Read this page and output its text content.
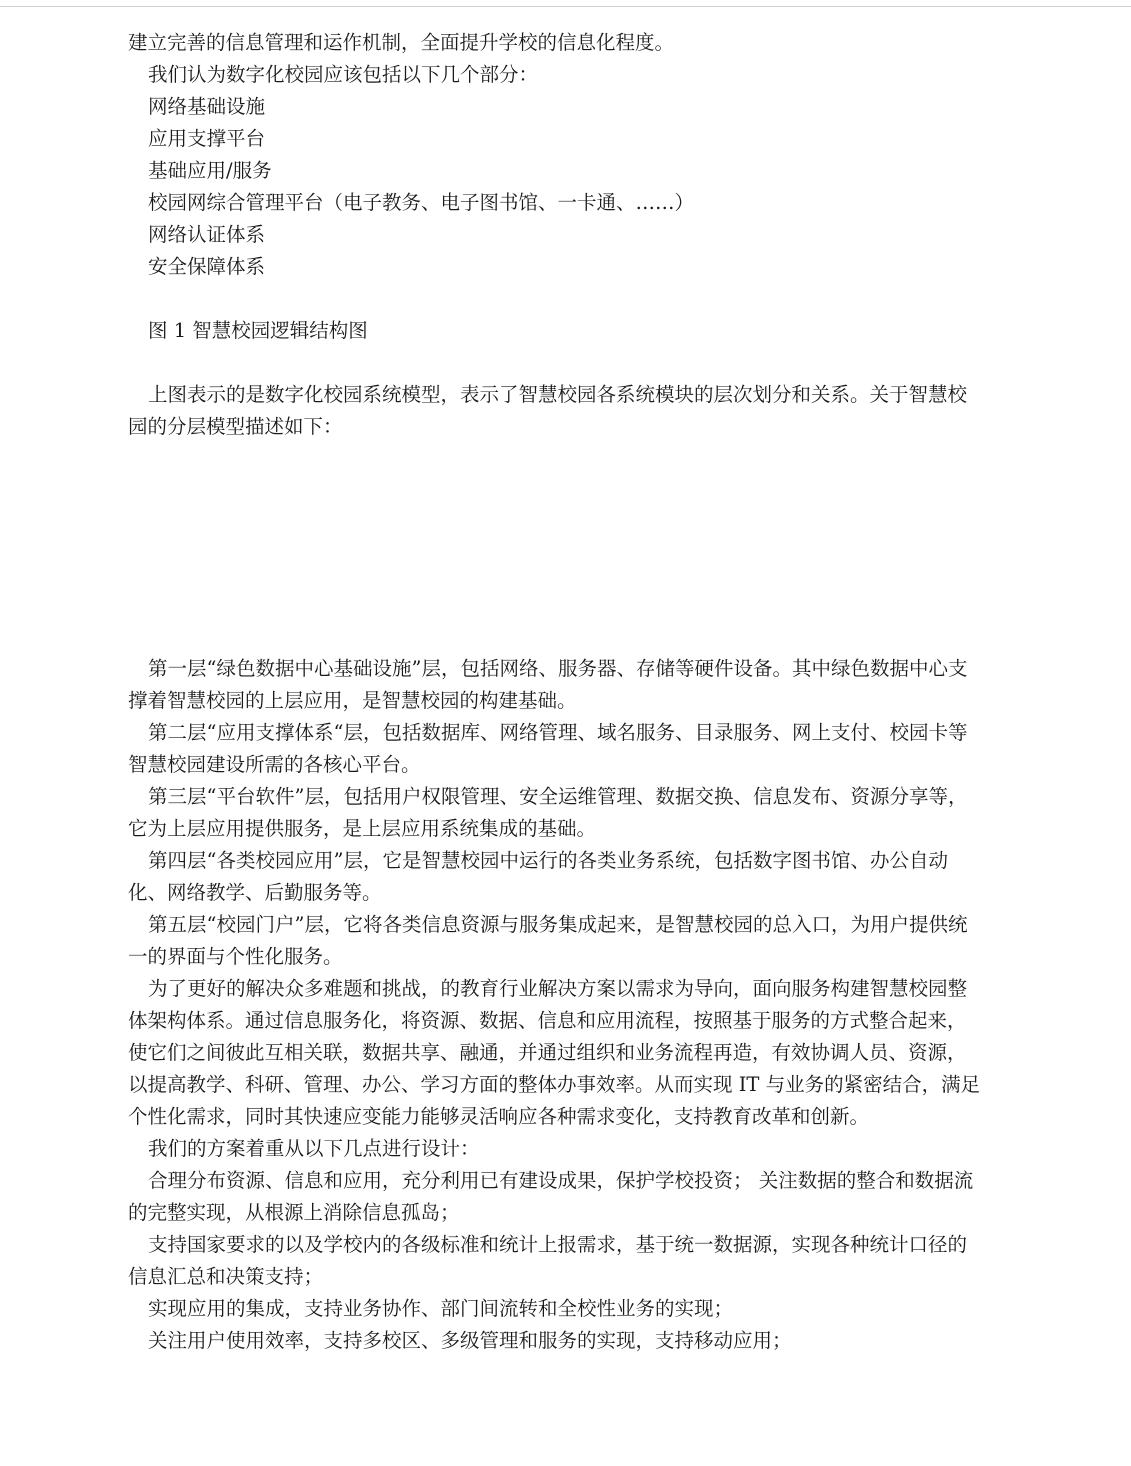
建立完善的信息管理和运作机制，全面提升学校的信息化程度。

我们认为数字化校园应该包括以下几个部分：

网络基础设施

应用支撑平台

基础应用/服务

校园网综合管理平台（电子教务、电子图书馆、一卡通、……）

网络认证体系

安全保障体系

图 1 智慧校园逻辑结构图

上图表示的是数字化校园系统模型，表示了智慧校园各系统模块的层次划分和关系。关于智慧校园的分层模型描述如下：

第一层“绿色数据中心基础设施”层，包括网络、服务器、存储等硬件设备。其中绿色数据中心支撑着智慧校园的上层应用，是智慧校园的构建基础。

第二层“应用支撑体系“层，包括数据库、网络管理、域名服务、目录服务、网上支付、校园卡等智慧校园建设所需的各核心平台。

第三层“平台软件”层，包括用户权限管理、安全运维管理、数据交换、信息发布、资源分享等，它为上层应用提供服务，是上层应用系统集成的基础。

第四层“各类校园应用”层，它是智慧校园中运行的各类业务系统，包括数字图书馆、办公自动化、网络教学、后勤服务等。

第五层“校园门户”层，它将各类信息资源与服务集成起来，是智慧校园的总入口，为用户提供统一的界面与个性化服务。

为了更好的解决众多难题和挑战，的教育行业解决方案以需求为导向，面向服务构建智慧校园整体架构体系。通过信息服务化，将资源、数据、信息和应用流程，按照基于服务的方式整合起来，使它们之间彼此互相关联，数据共享、融通，并通过组织和业务流程再造，有效协调人员、资源，以提高教学、科研、管理、办公、学习方面的整体办事效率。从而实现 IT 与业务的紧密结合，满足个性化需求，同时其快速应变能力能够灵活响应各种需求变化，支持教育改革和创新。

我们的方案着重从以下几点进行设计：

合理分布资源、信息和应用，充分利用已有建设成果，保护学校投资； 关注数据的整合和数据流的完整实现，从根源上消除信息孤岛；

支持国家要求的以及学校内的各级标准和统计上报需求，基于统一数据源，实现各种统计口径的信息汇总和决策支持；

实现应用的集成，支持业务协作、部门间流转和全校性业务的实现；

关注用户使用效率，支持多校区、多级管理和服务的实现，支持移动应用；
